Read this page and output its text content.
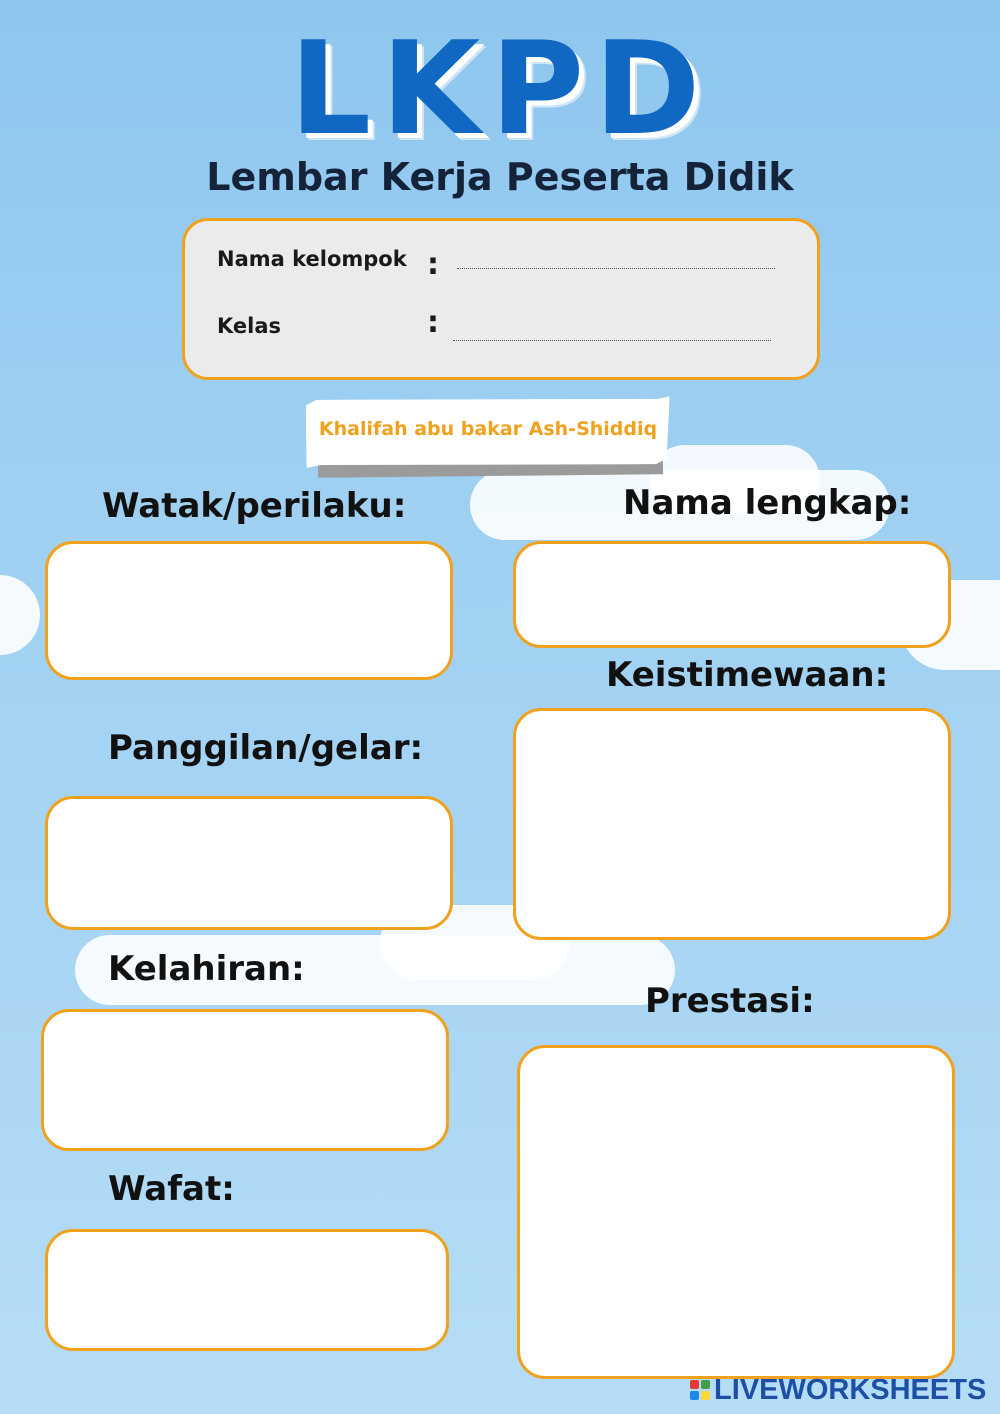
LKPD
Lembar Kerja Peserta Didik
Nama kelompok :
Kelas	:
Khalifah abu bakar Ash-Shiddiq
Watak/perilaku:	Nama lengkap:
Keistimewaan:
Panggilan/gelar:
Kelahiran:
Prestasi:
Wafat:
LIVEWORKSHEETS
